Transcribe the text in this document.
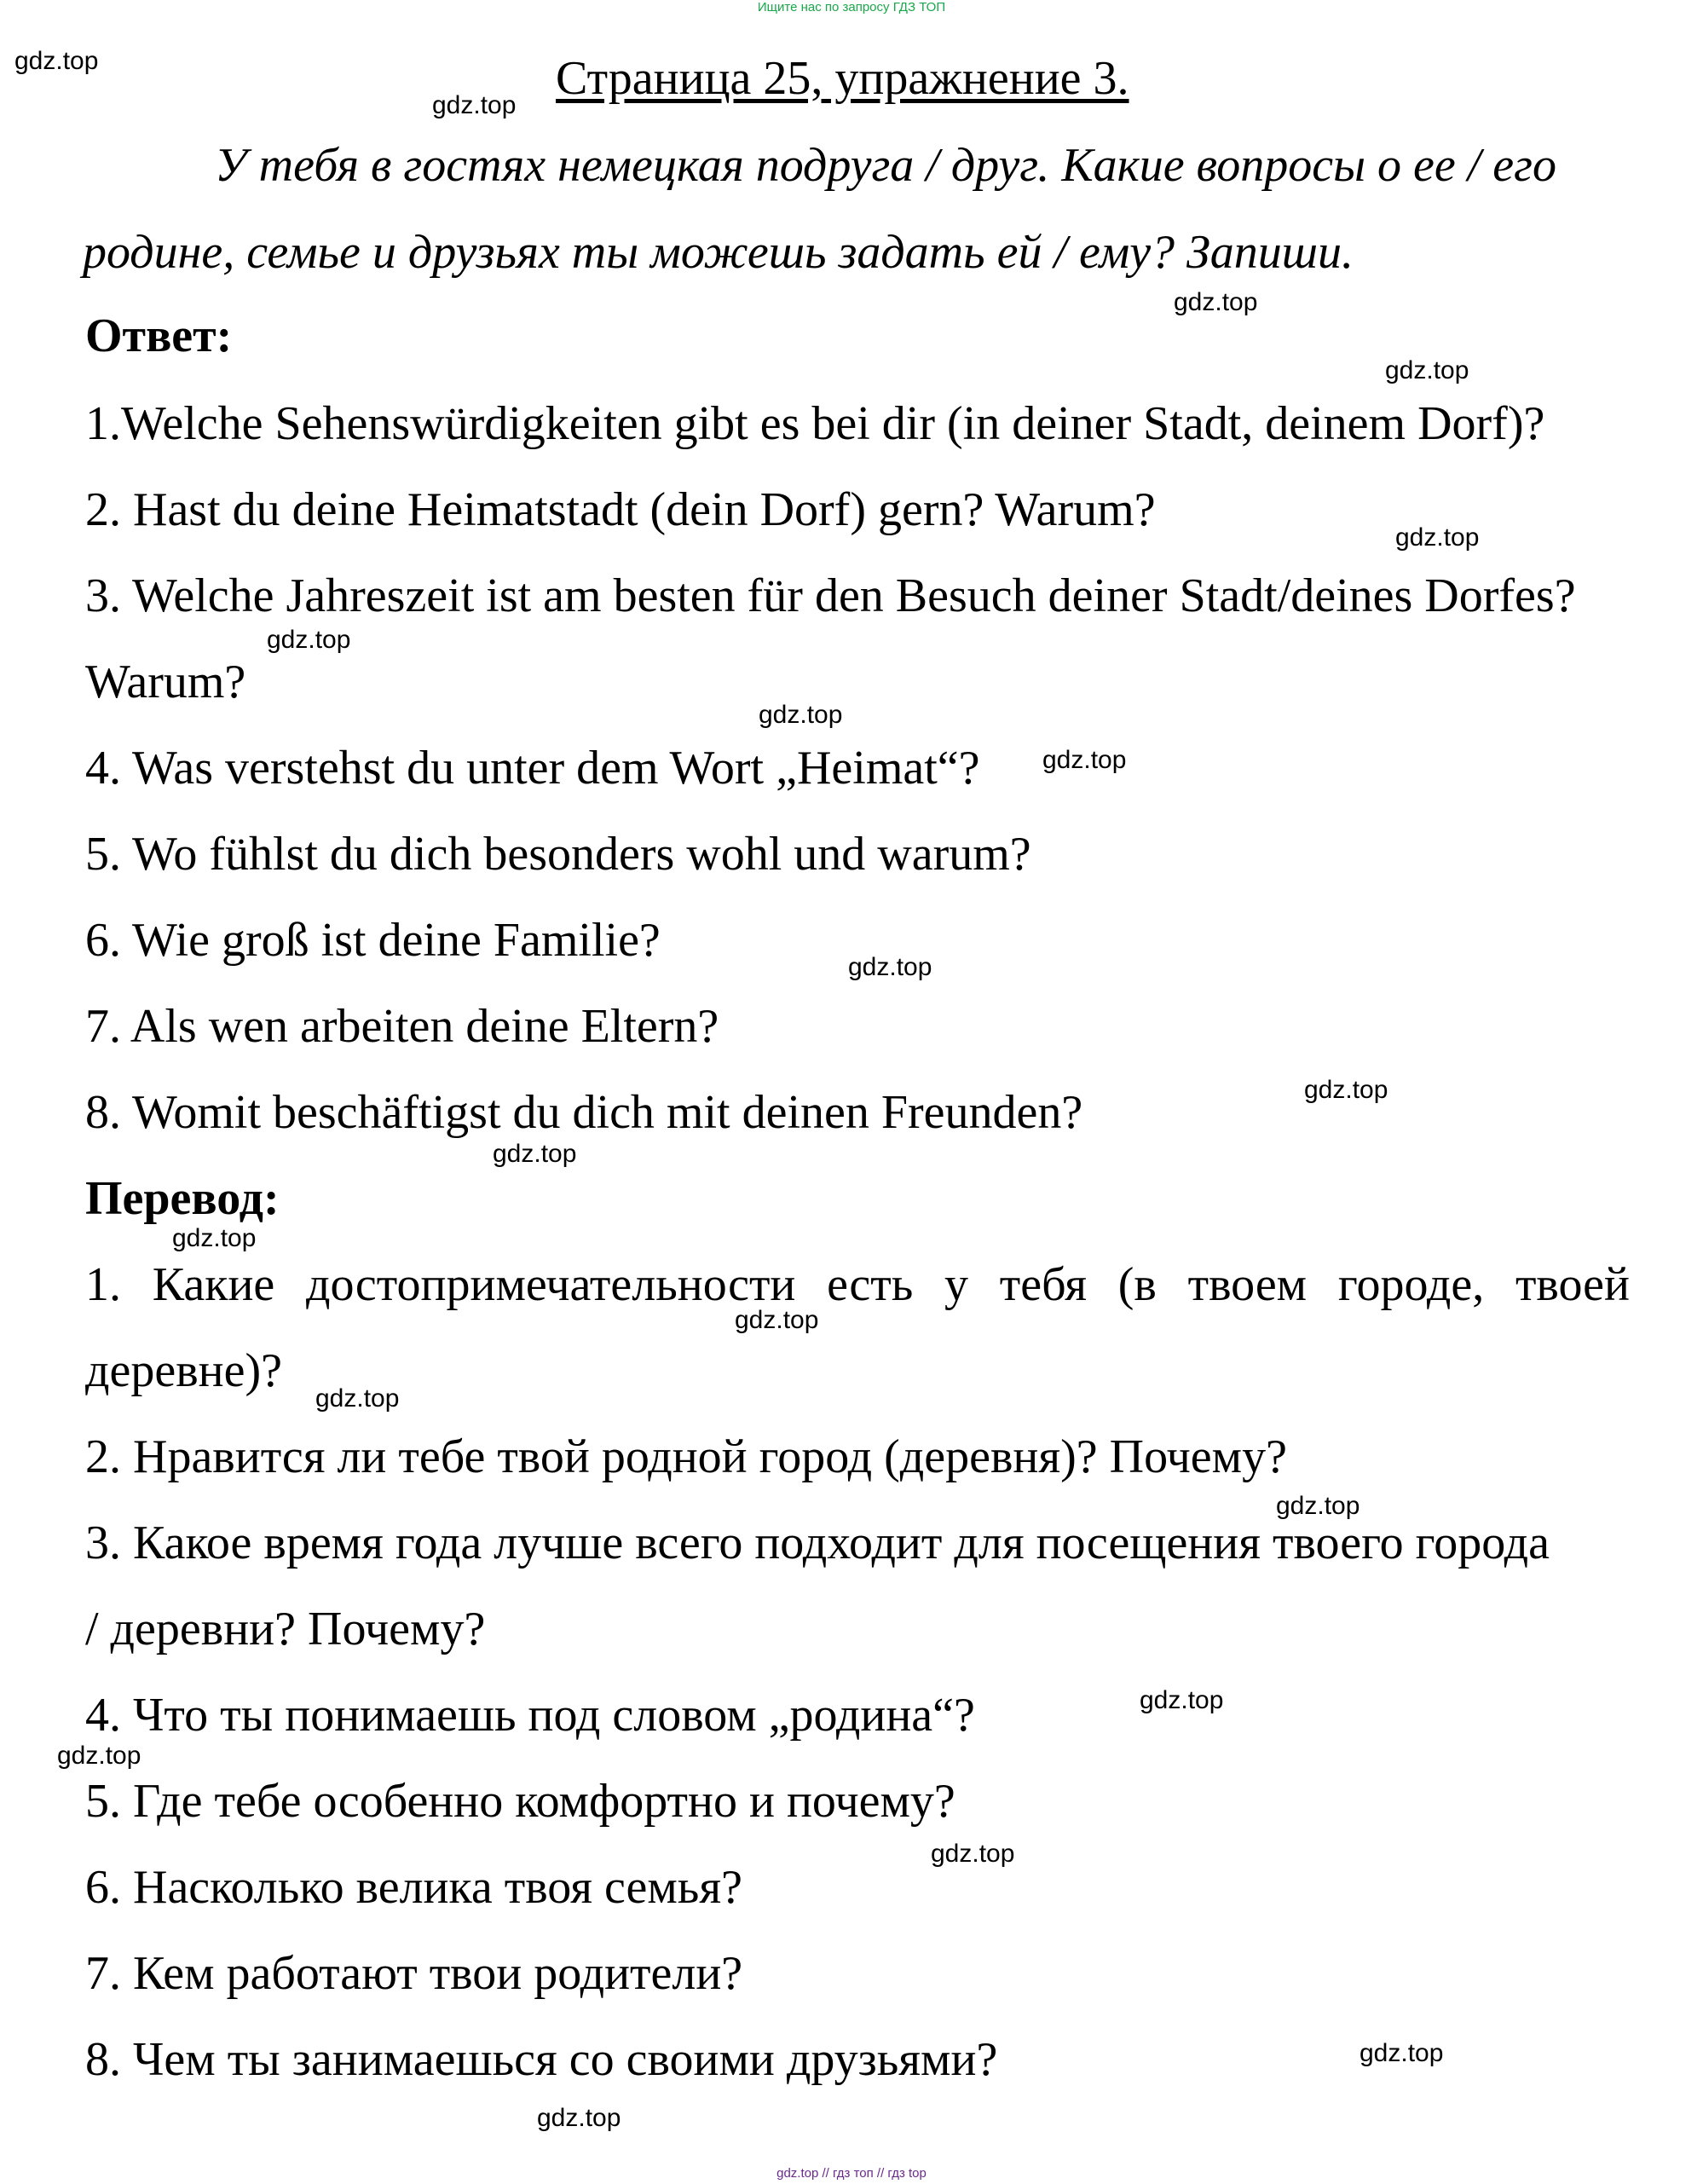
Ищите нас по запросу ГДЗ ТОП

Страница 25, упражнение 3.

У тебя в гостях немецкая подруга / друг. Какие вопросы о ее / его

родине, семье и друзьях ты можешь задать ей / ему? Запиши.

Ответ:

1.Welche Sehenswürdigkeiten gibt es bei dir (in deiner Stadt, deinem Dorf)?

2. Hast du deine Heimatstadt (dein Dorf) gern? Warum?

3. Welche Jahreszeit ist am besten für den Besuch deiner Stadt/deines Dorfes?

Warum?

4. Was verstehst du unter dem Wort „Heimat“?

5. Wo fühlst du dich besonders wohl und warum?

6. Wie groß ist deine Familie?

7. Als wen arbeiten deine Eltern?

8. Womit beschäftigst du dich mit deinen Freunden?

Перевод:

1. Какие достопримечательности есть у тебя (в твоем городе, твоей

деревне)?

2. Нравится ли тебе твой родной город (деревня)? Почему?

3. Какое время года лучше всего подходит для посещения твоего города

/ деревни? Почему?

4. Что ты понимаешь под словом „родина“?

5. Где тебе особенно комфортно и почему?

6. Насколько велика твоя семья?

7. Кем работают твои родители?

8. Чем ты занимаешься со своими друзьями?

gdz.top
gdz.top
gdz.top
gdz.top
gdz.top
gdz.top
gdz.top
gdz.top
gdz.top
gdz.top
gdz.top
gdz.top
gdz.top
gdz.top
gdz.top
gdz.top
gdz.top
gdz.top
gdz.top
gdz.top

gdz.top // гдз топ // гдз top
